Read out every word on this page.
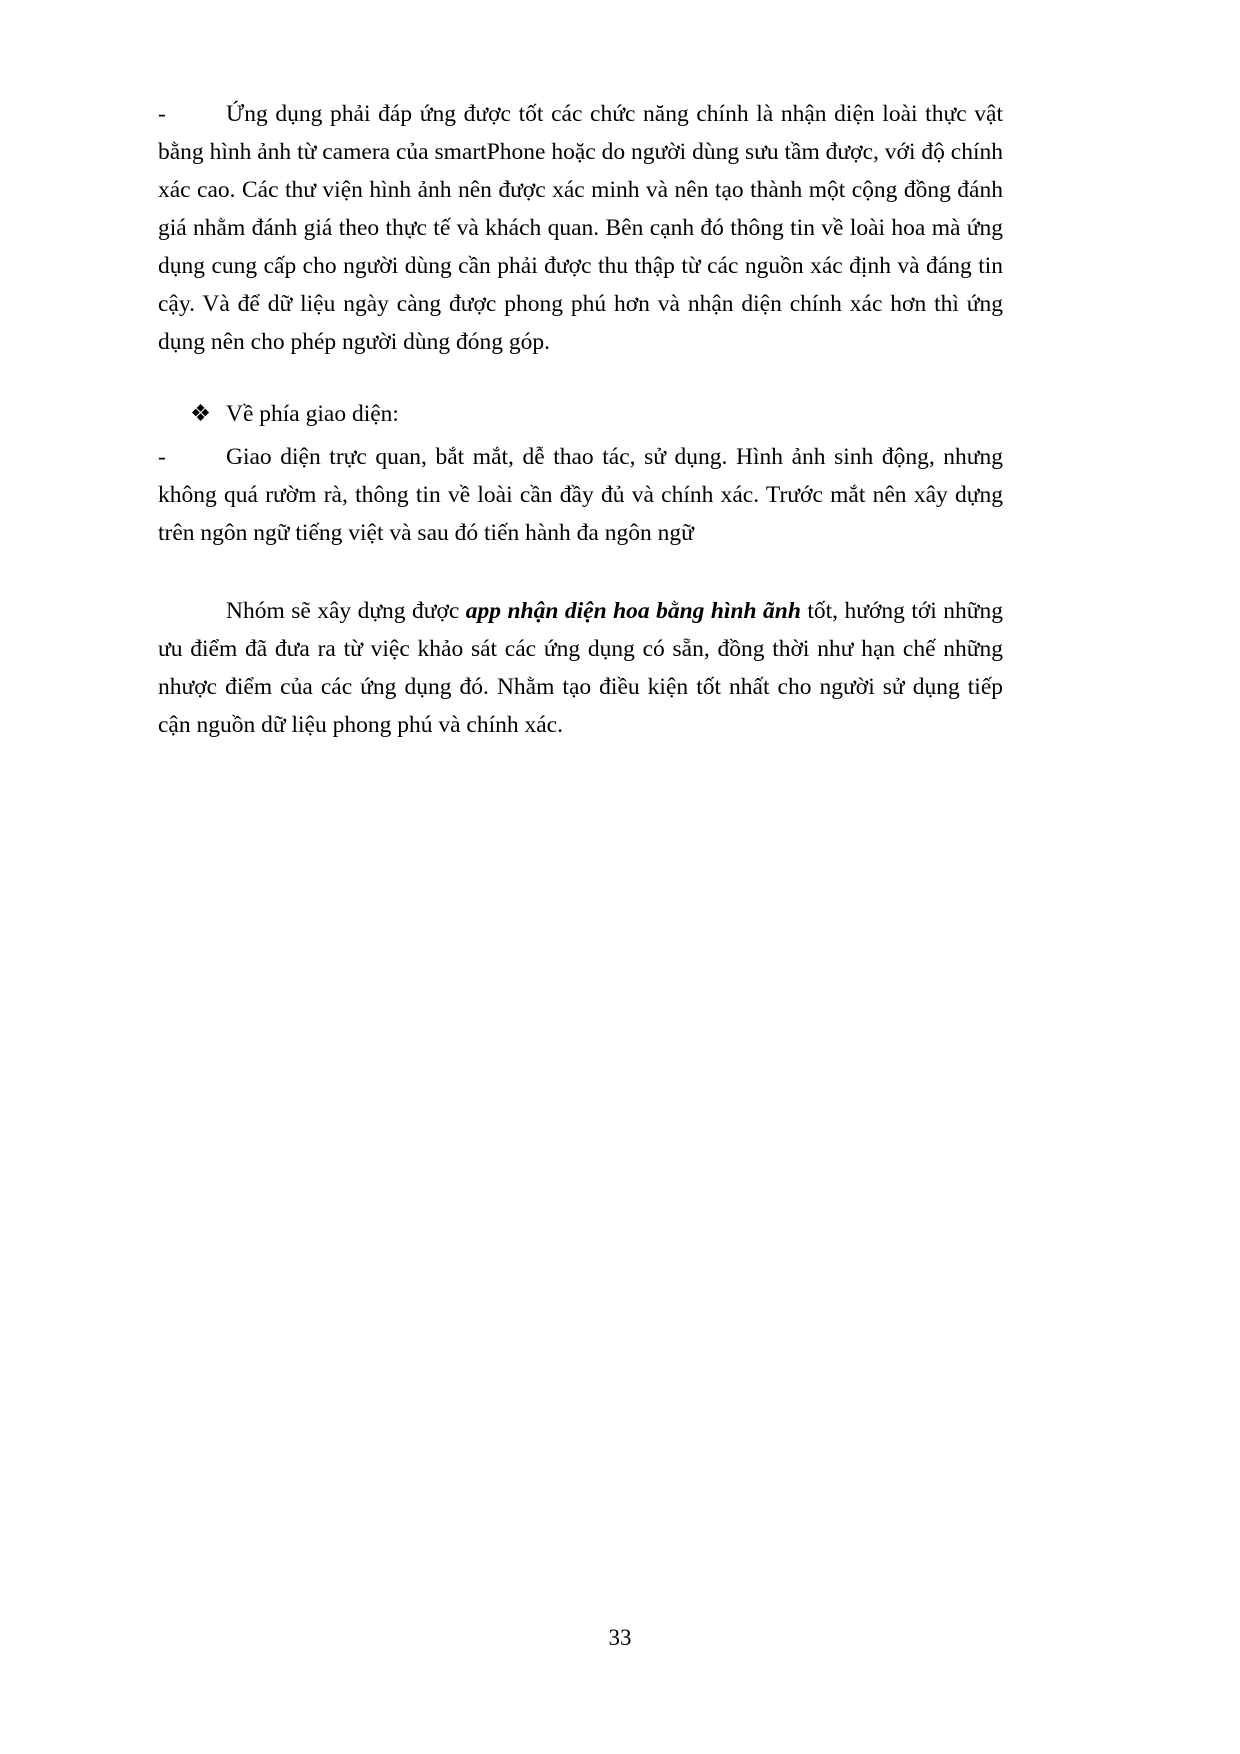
-	Ứng dụng phải đáp ứng được tốt các chức năng chính là nhận diện loài thực vật bằng hình ảnh từ camera của smartPhone hoặc do người dùng sưu tầm được, với độ chính xác cao. Các thư viện hình ảnh nên được xác minh và nên tạo thành một cộng đồng đánh giá nhằm đánh giá theo thực tế và khách quan. Bên cạnh đó thông tin về loài hoa mà ứng dụng cung cấp cho người dùng cần phải được thu thập từ các nguồn xác định và đáng tin cậy. Và để dữ liệu ngày càng được phong phú hơn và nhận diện chính xác hơn thì ứng dụng nên cho phép người dùng đóng góp.

❖ Về phía giao diện:

-	Giao diện trực quan, bắt mắt, dễ thao tác, sử dụng. Hình ảnh sinh động, nhưng không quá rườm rà, thông tin về loài cần đầy đủ và chính xác. Trước mắt nên xây dựng trên ngôn ngữ tiếng việt và sau đó tiến hành đa ngôn ngữ

Nhóm sẽ xây dựng được app nhận diện hoa bằng hình ãnh tốt, hướng tới những ưu điểm đã đưa ra từ việc khảo sát các ứng dụng có sẵn, đồng thời như hạn chế những nhược điểm của các ứng dụng đó. Nhằm tạo điều kiện tốt nhất cho người sử dụng tiếp cận nguồn dữ liệu phong phú và chính xác.

33
